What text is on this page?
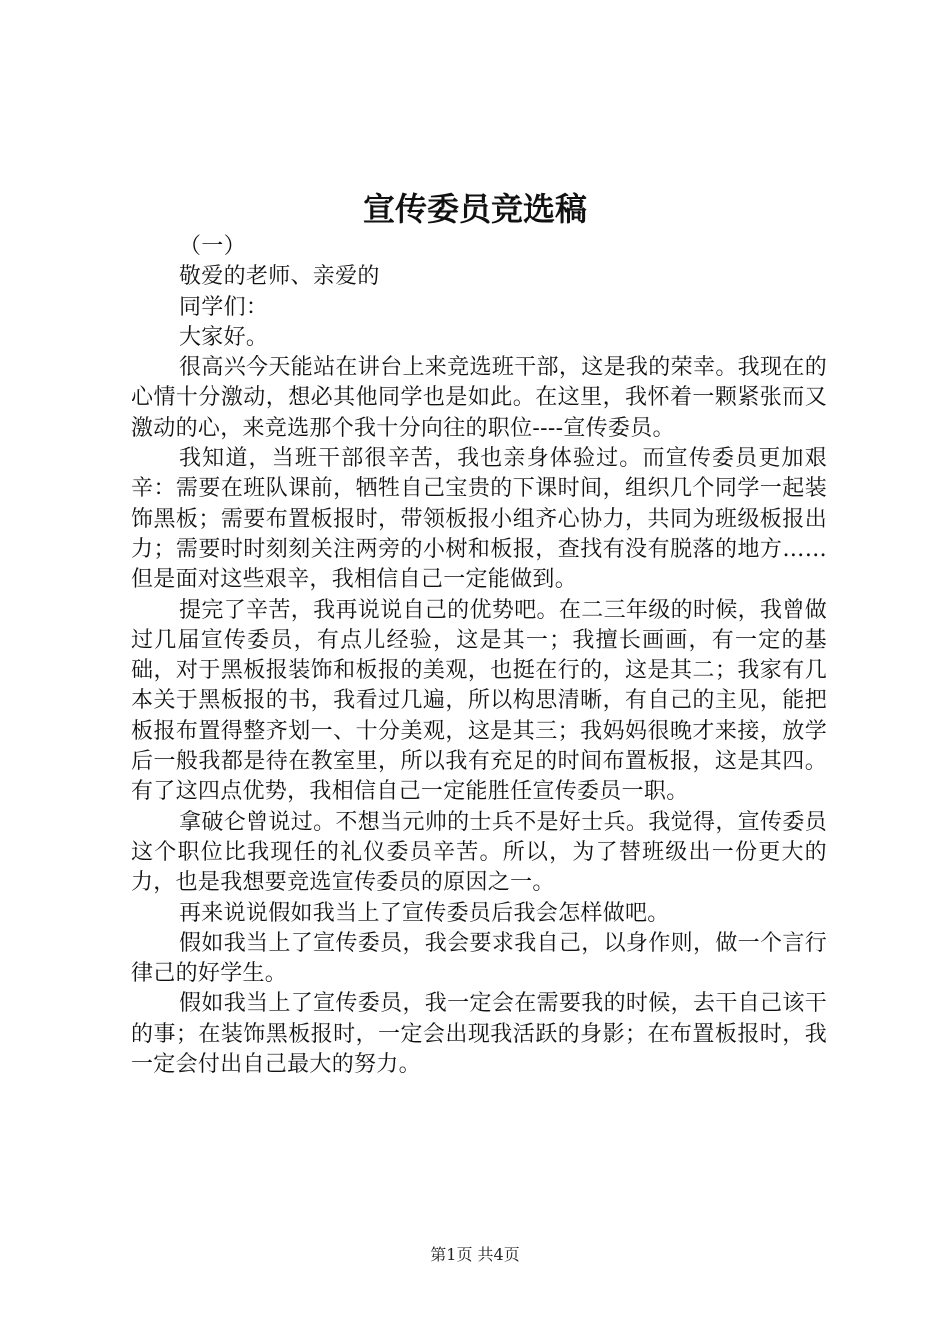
宣传委员竞选稿

（一）

敬爱的老师、亲爱的

同学们：

大家好。

很高兴今天能站在讲台上来竞选班干部，这是我的荣幸。我现在的心情十分激动，想必其他同学也是如此。在这里，我怀着一颗紧张而又激动的心，来竞选那个我十分向往的职位----宣传委员。

我知道，当班干部很辛苦，我也亲身体验过。而宣传委员更加艰辛：需要在班队课前，牺牲自己宝贵的下课时间，组织几个同学一起装饰黑板；需要布置板报时，带领板报小组齐心协力，共同为班级板报出力；需要时时刻刻关注两旁的小树和板报，查找有没有脱落的地方……但是面对这些艰辛，我相信自己一定能做到。

提完了辛苦，我再说说自己的优势吧。在二三年级的时候，我曾做过几届宣传委员，有点儿经验，这是其一；我擅长画画，有一定的基础，对于黑板报装饰和板报的美观，也挺在行的，这是其二；我家有几本关于黑板报的书，我看过几遍，所以构思清晰，有自己的主见，能把板报布置得整齐划一、十分美观，这是其三；我妈妈很晚才来接，放学后一般我都是待在教室里，所以我有充足的时间布置板报，这是其四。有了这四点优势，我相信自己一定能胜任宣传委员一职。

拿破仑曾说过。不想当元帅的士兵不是好士兵。我觉得，宣传委员这个职位比我现任的礼仪委员辛苦。所以，为了替班级出一份更大的力，也是我想要竞选宣传委员的原因之一。

再来说说假如我当上了宣传委员后我会怎样做吧。

假如我当上了宣传委员，我会要求我自己，以身作则，做一个言行律己的好学生。

假如我当上了宣传委员，我一定会在需要我的时候，去干自己该干的事；在装饰黑板报时，一定会出现我活跃的身影；在布置板报时，我一定会付出自己最大的努力。

第1页 共4页
